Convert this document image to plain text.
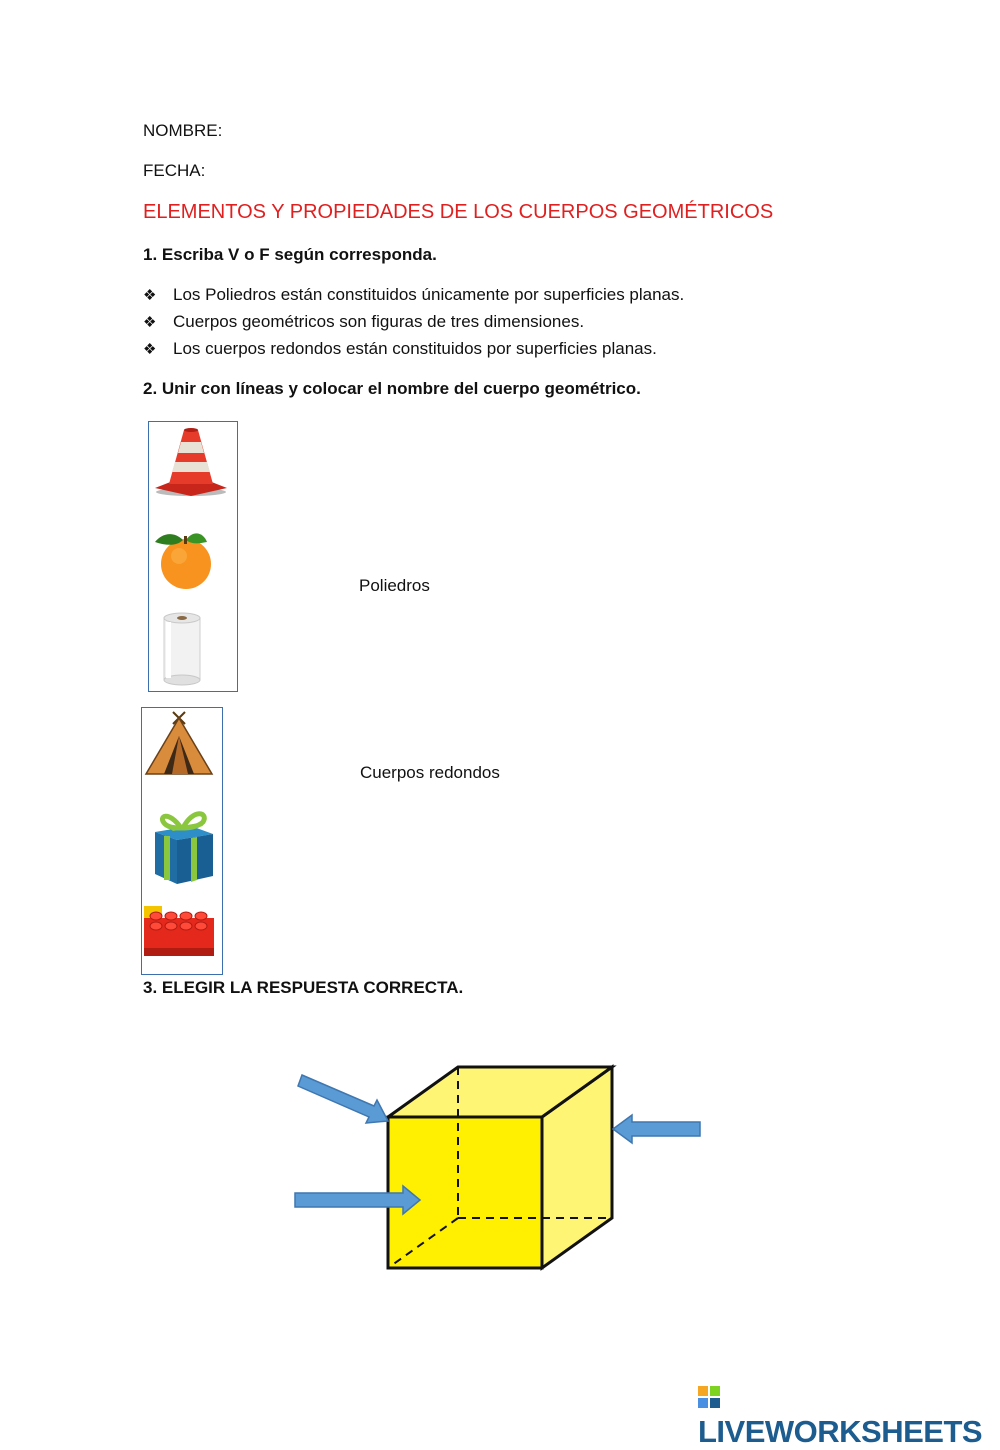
NOMBRE:
FECHA:
ELEMENTOS Y PROPIEDADES DE LOS CUERPOS GEOMÉTRICOS
1. Escriba V o F según corresponda.
❖ Los Poliedros están constituidos únicamente por superficies planas.
❖ Cuerpos geométricos son figuras de tres dimensiones.
❖ Los cuerpos redondos están constituidos por superficies planas.
2. Unir con líneas y colocar el nombre del cuerpo geométrico.
Poliedros
Cuerpos redondos
3. ELEGIR LA RESPUESTA CORRECTA.
LIVEWORKSHEETS
